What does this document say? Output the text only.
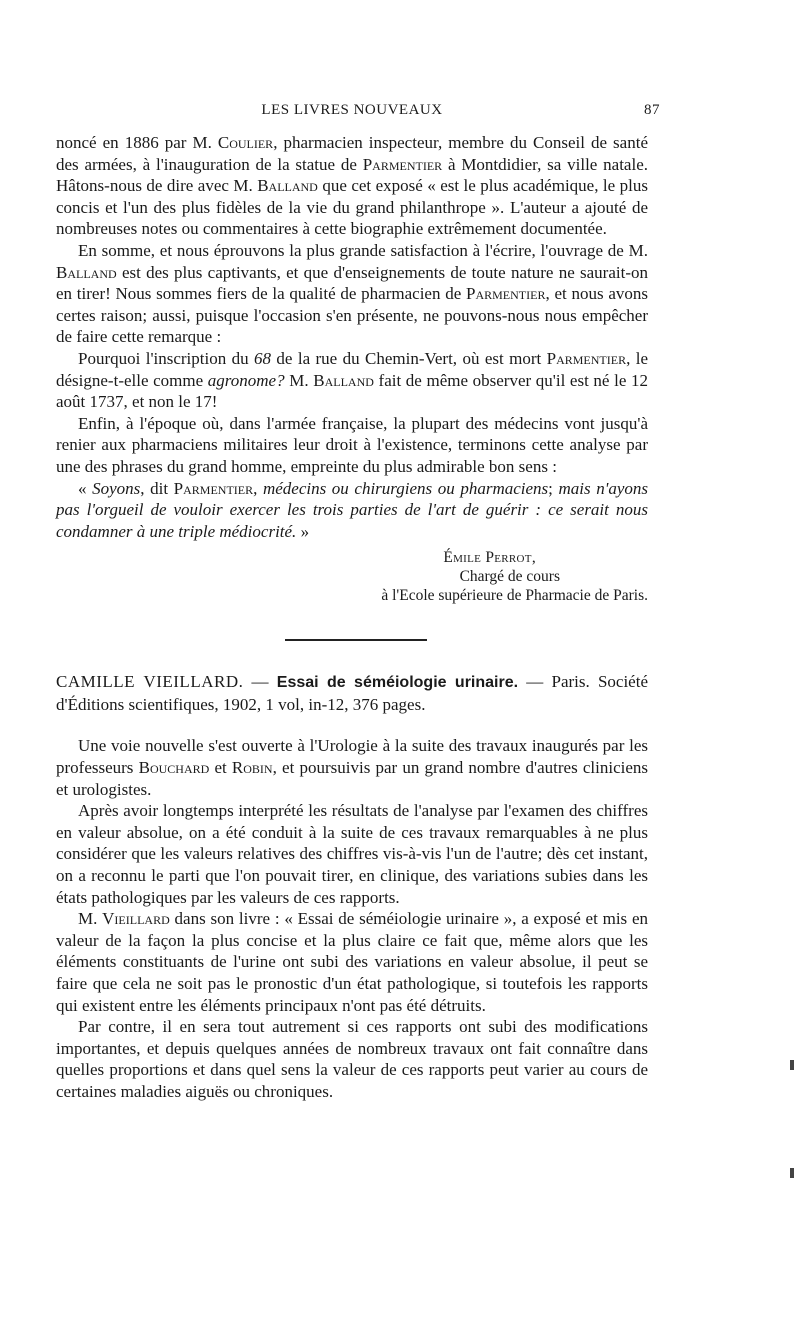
LES LIVRES NOUVEAUX	87

noncé en 1886 par M. Coulier, pharmacien inspecteur, membre du Conseil de santé des armées, à l'inauguration de la statue de Parmentier à Montdidier, sa ville natale. Hâtons-nous de dire avec M. Balland que cet exposé « est le plus académique, le plus concis et l'un des plus fidèles de la vie du grand philanthrope ». L'auteur a ajouté de nombreuses notes ou commentaires à cette biographie extrêmement documentée.

En somme, et nous éprouvons la plus grande satisfaction à l'écrire, l'ouvrage de M. Balland est des plus captivants, et que d'enseignements de toute nature ne saurait-on en tirer! Nous sommes fiers de la qualité de pharmacien de Parmentier, et nous avons certes raison; aussi, puisque l'occasion s'en présente, ne pouvons-nous nous empêcher de faire cette remarque :

Pourquoi l'inscription du 68 de la rue du Chemin-Vert, où est mort Parmentier, le désigne-t-elle comme agronome? M. Balland fait de même observer qu'il est né le 12 août 1737, et non le 17!

Enfin, à l'époque où, dans l'armée française, la plupart des médecins vont jusqu'à renier aux pharmaciens militaires leur droit à l'existence, terminons cette analyse par une des phrases du grand homme, empreinte du plus admirable bon sens :

« Soyons, dit Parmentier, médecins ou chirurgiens ou pharmaciens; mais n'ayons pas l'orgueil de vouloir exercer les trois parties de l'art de guérir : ce serait nous condamner à une triple médiocrité. »

Émile Perrot,
Chargé de cours
à l'Ecole supérieure de Pharmacie de Paris.
CAMILLE VIEILLARD. — Essai de séméiologie urinaire. — Paris. Société d'Éditions scientifiques, 1902, 1 vol, in-12, 376 pages.

Une voie nouvelle s'est ouverte à l'Urologie à la suite des travaux inaugurés par les professeurs Bouchard et Robin, et poursuivis par un grand nombre d'autres cliniciens et urologistes.

Après avoir longtemps interprété les résultats de l'analyse par l'examen des chiffres en valeur absolue, on a été conduit à la suite de ces travaux remarquables à ne plus considérer que les valeurs relatives des chiffres vis-à-vis l'un de l'autre; dès cet instant, on a reconnu le parti que l'on pouvait tirer, en clinique, des variations subies dans les états pathologiques par les valeurs de ces rapports.

M. Vieillard dans son livre : « Essai de séméiologie urinaire », a exposé et mis en valeur de la façon la plus concise et la plus claire ce fait que, même alors que les éléments constituants de l'urine ont subi des variations en valeur absolue, il peut se faire que cela ne soit pas le pronostic d'un état pathologique, si toutefois les rapports qui existent entre les éléments principaux n'ont pas été détruits.

Par contre, il en sera tout autrement si ces rapports ont subi des modifications importantes, et depuis quelques années de nombreux travaux ont fait connaître dans quelles proportions et dans quel sens la valeur de ces rapports peut varier au cours de certaines maladies aiguës ou chroniques.
